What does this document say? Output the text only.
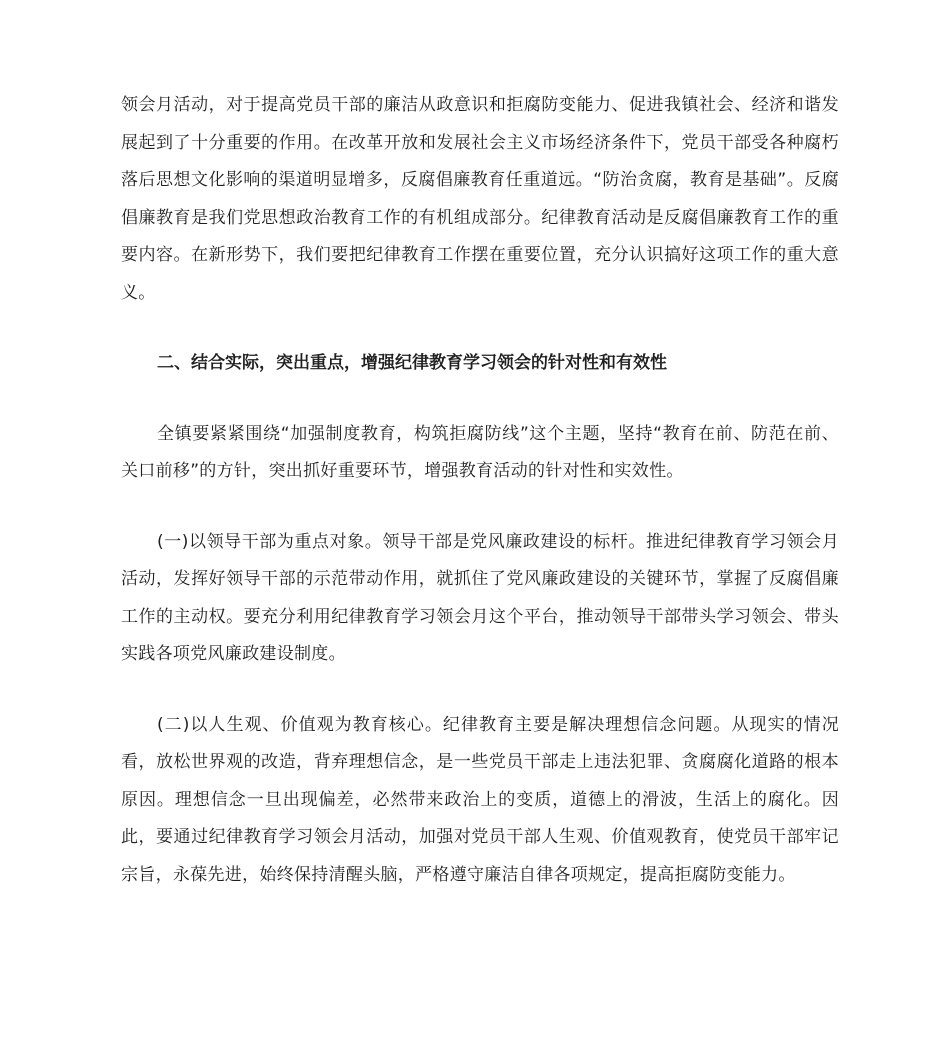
领会月活动，对于提高党员干部的廉洁从政意识和拒腐防变能力、促进我镇社会、经济和谐发展起到了十分重要的作用。在改革开放和发展社会主义市场经济条件下，党员干部受各种腐朽落后思想文化影响的渠道明显增多，反腐倡廉教育任重道远。“防治贪腐，教育是基础”。反腐倡廉教育是我们党思想政治教育工作的有机组成部分。纪律教育活动是反腐倡廉教育工作的重要内容。在新形势下，我们要把纪律教育工作摆在重要位置，充分认识搞好这项工作的重大意义。

二、结合实际，突出重点，增强纪律教育学习领会的针对性和有效性

全镇要紧紧围绕“加强制度教育，构筑拒腐防线”这个主题，坚持“教育在前、防范在前、关口前移”的方针，突出抓好重要环节，增强教育活动的针对性和实效性。

(一)以领导干部为重点对象。领导干部是党风廉政建设的标杆。推进纪律教育学习领会月活动，发挥好领导干部的示范带动作用，就抓住了党风廉政建设的关键环节，掌握了反腐倡廉工作的主动权。要充分利用纪律教育学习领会月这个平台，推动领导干部带头学习领会、带头实践各项党风廉政建设制度。

(二)以人生观、价值观为教育核心。纪律教育主要是解决理想信念问题。从现实的情况看，放松世界观的改造，背弃理想信念，是一些党员干部走上违法犯罪、贪腐腐化道路的根本原因。理想信念一旦出现偏差，必然带来政治上的变质，道德上的滑波，生活上的腐化。因此，要通过纪律教育学习领会月活动，加强对党员干部人生观、价值观教育，使党员干部牢记宗旨，永葆先进，始终保持清醒头脑，严格遵守廉洁自律各项规定，提高拒腐防变能力。
